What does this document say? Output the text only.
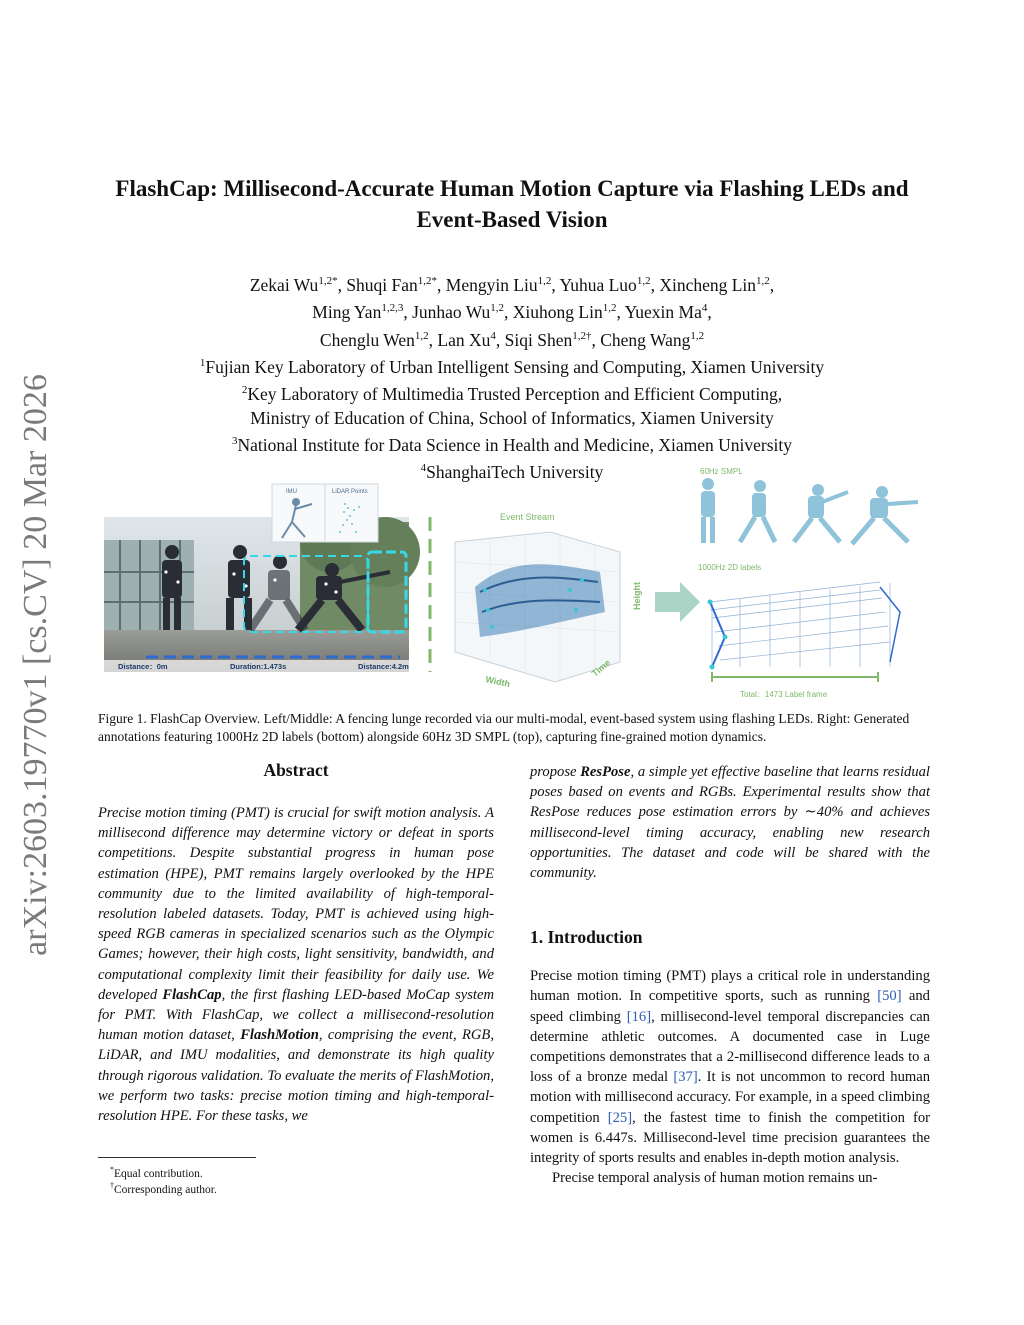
arXiv:2603.19770v1 [cs.CV] 20 Mar 2026
FlashCap: Millisecond-Accurate Human Motion Capture via Flashing LEDs and
Event-Based Vision
Zekai $Wu^{1,2*}$, Shuqi Fan$^{1,2*}$, Mengyin Liu$^{1,2}$, Yuhua Luo$^{1,2}$, Xincheng Lin$^{1,2}$,
Ming Yan$^{1,2,3}$, Junhao Wu$^{1,2}$, Xiuhong Lin$^{1,2}$, Yuexin Ma$^4$,
Chenglu Wen$^{1,2}$, Lan Xu$^4$, Siqi Shen$^{1,2\dagger}$, Cheng Wang$^{1,2}$
$^1$Fujian Key Laboratory of Urban Intelligent Sensing and Computing, Xiamen University
$^2$Key Laboratory of Multimedia Trusted Perception and Efficient Computing,
Ministry of Education of China, School of Informatics, Xiamen University
$^3$National Institute for Data Science in Health and Medicine, Xiamen University
$^4$ShanghaiTech University
Distance：0m	Duration:1.473s	Distance:4.2m
IMU	LiDAR Points
Event Stream
Height
Width
Time
60Hz SMPL
1000Hz 2D labels
Total：1473 Label frame
Figure 1. FlashCap Overview. Left/Middle: A fencing lunge recorded via our multi-modal, event-based system using flashing LEDs. Right: Generated annotations featuring 1000Hz 2D labels (bottom) alongside 60Hz 3D SMPL (top), capturing fine-grained motion dynamics.
Abstract

Precise motion timing (PMT) is crucial for swift motion analysis. A millisecond difference may determine victory or defeat in sports competitions. Despite substantial progress in human pose estimation (HPE), PMT remains largely overlooked by the HPE community due to the limited availability of high-temporal-resolution labeled datasets. Today, PMT is achieved using high-speed RGB cameras in specialized scenarios such as the Olympic Games; however, their high costs, light sensitivity, bandwidth, and computational complexity limit their feasibility for daily use. We developed FlashCap, the first flashing LED-based MoCap system for PMT. With FlashCap, we collect a millisecond-resolution human motion dataset, FlashMotion, comprising the event, RGB, LiDAR, and IMU modalities, and demonstrate its high quality through rigorous validation. To evaluate the merits of FlashMotion, we perform two tasks: precise motion timing and high-temporal-resolution HPE. For these tasks, we

propose ResPose, a simple yet effective baseline that learns residual poses based on events and RGBs. Experimental results show that ResPose reduces pose estimation errors by ∼40% and achieves millisecond-level timing accuracy, enabling new research opportunities. The dataset and code will be shared with the community.

1. Introduction

Precise motion timing (PMT) plays a critical role in understanding human motion. In competitive sports, such as running [50] and speed climbing [16], millisecond-level temporal discrepancies can determine athletic outcomes. A documented case in Luge competitions demonstrates that a 2-millisecond difference leads to a loss of a bronze medal [37]. It is not uncommon to record human motion with millisecond accuracy. For example, in a speed climbing competition [25], the fastest time to finish the competition for women is 6.447s. Millisecond-level time precision guarantees the integrity of sports results and enables in-depth motion analysis.

Precise temporal analysis of human motion remains un-

*Equal contribution.
†Corresponding author.
